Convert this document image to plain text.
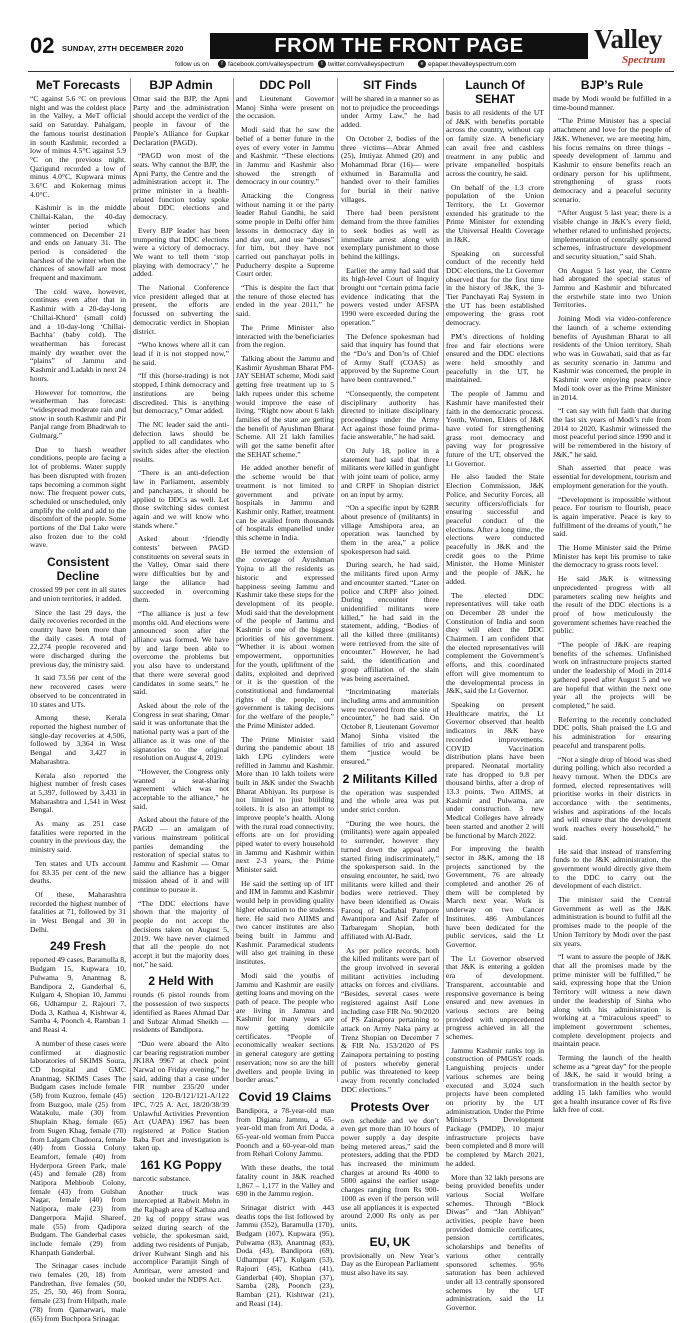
02 SUNDAY, 27TH DECEMBER 2020	FROM THE FRONT PAGE
follow us on	f facebook.com/valleyspectrum	t twitter.com/valleyspectrum	e epaper.thevalleyspectrum.com
Valley
Spectrum
MeT Forecasts

“C against 5.6 °C on previous night and was the coldest place in the Valley, a MeT official said on Saturday. Pahalgam, the famous tourist destination in south Kashmir, recorded a low of minus 4.5°C against 5.9 °C on the previous night. Qazigund recorded a low of minus 4.0°C, Kupwara minus 3.6°C and Kokernag minus 4.0°C.

Kashmir is in the middle Chillai-Kalan, the 40-day winter period which commenced on December 21 and ends on January 31. The period is considered the harshest of the winter when the chances of snowfall are most frequent and maximum.

The cold wave, however, continues even after that in Kashmir with a 20-day-long ‘Chillai-Khurd’ (small cold) and a 10-day-long ‘Chillai-Bachha’ (baby cold). The weatherman has forecast mainly dry weather over the “plains” of Jammu and Kashmir and Ladakh in next 24 hours.

However for tomorrow, the weatherman has forecast: “widespread moderate rain and snow in south Kashmir and Pir Panjal range from Bhadrwah to Gulmarg.”

Due to harsh weather conditions, people are facing a lot of problems. Water supply has been disrupted with frozen taps becoming a common sight now. The frequent power cuts, scheduled or unscheduled, only amplify the cold and add to the discomfort of the people. Some portions of the Dal Lake were also frozen due to the cold wave.

Consistent Decline

crossed 99 per cent in all states and union territories, it added.

Since the last 29 days, the daily recoveries recorded in the country have been more than the daily cases. A total of 22,274 people recovered and were discharged during the previous day, the ministry said.

It said 73.56 per cent of the new recovered cases were observed to be concentrated in 10 states and UTs.

Among these, Kerala reported the highest number of single-day recoveries at 4,506, followed by 3,364 in West Bengal and 3,427 in Maharashtra.

Kerala also reported the highest number of fresh cases at 5,397, followed by 3,431 in Maharashtra and 1,541 in West Bengal.

As many as 251 case fatalities were reported in the country in the previous day, the ministry said.

Ten states and UTs account for 83.35 per cent of the new deaths.

Of these, Maharashtra recorded the highest number of fatalities at 71, followed by 31 in West Bengal and 30 in Delhi.

249 Fresh

reported 49 cases, Baramulla 8, Budgam 15, Kupwara 10, Pulwama 9, Anantnag 8, Bandipora 2, Ganderbal 6, Kulgam 4, Shopian 10, Jammu 66, Udhampur 2, Rajouri 7, Doda 3, Kathua 4, Kishtwar 4, Samba 4, Poonch 4, Ramban 1 and Reasi 4.

A number of these cases were confirmed at diagnostic laboratories of SKIMS Soura, CD hospital and GMC Anantnag. SKIMS Cases The Budgam cases include female (58) from Kuzroo, female (45) from Buzgoo, male (25) from Watakulu, male (30) from Shuplain Khag, female (65) from Sugen Khag, female (70) from Lalgam Chadoora, female (40) from Gossia Colony Eeamfort, female (40) from Hyderpora Green Park, male (45) and female (28) from Natipora Mehboob Colony, female (43) from Gulshan Nagar, female (40) from Natipora, male (23) from Dangerpora Majid Shareef, male (55) from Qadipora Budgam. The Ganderbal cases include female (29) from Khanpath Ganderbal.

The Srinagar cases include two females (20, 18) from Pandrethan, five females (50, 25, 25, 50, 46) from Soura, female (23) from Hilpath, male (78) from Qamarwari, male (65) from Buchpora Srinagar.

BJP Admin

Omar said the BJP, the Apni Party and the administration should accept the verdict of the people in favour of the People’s Alliance for Gupkar Declaration (PAGD).

“PAGD won most of the seats. Why cannot the BJP, the Apni Party, the Centre and the administration accept it. The prime minister in a health-related function today spoke about DDC elections and democracy.

Every BJP leader has been trumpeting that DDC elections were a victory of democracy. We want to tell them ‘stop playing with democracy’,” he added.

The National Conference vice president alleged that at present, the efforts are focussed on subverting the democratic verdict in Shopian district.

“Who knows where all it can lead if it is not stopped now,” he said.

“If this (horse-trading) is not stopped, I think democracy and institutions are being discredited. This is anything but democracy,” Omar added.

The NC leader said the anti-defection laws should be applied to all candidates who switch sides after the election results.

“There is an anti-defection law in Parliament, assembly and panchayats, it should be applied to DDCs as well. Let those switching sides contest again and we will know who stands where.”

Asked about ‘friendly contests’ between PAGD constituents on several seats in the Valley, Omar said there were difficulties but by and large the alliance had succeeded in overcoming them.

“The alliance is just a few months old. And elections were announced soon after the alliance was formed. We have by and large been able to overcome the problems but you also have to understand that there were several good candidates in some seats,” he said.

Asked about the role of the Congress in seat sharing, Omar said it was unfortunate that the national party was a part of the alliance as it was one of the signatories to the original resolution on August 4, 2019.

“However, the Congress only wanted a seat-sharing agreement which was not acceptable to the alliance,” he said.

Asked about the future of the PAGD — an amalgam of various mainstream political parties demanding the restoration of special status to Jammu and Kashmir — Omar said the alliance has a bigger mission ahead of it and will continue to pursue it.

“The DDC elections have shown that the majority of people do not accept the decisions taken on August 5, 2019. We have never claimed that all the people do not accept it but the majority does not,” he said.

2 Held With

rounds (6 pistol rounds from the possession of two suspects identified as Raees Ahmad Dar and Subzar Ahmad Sheikh — residents of Bandipora.

“Duo were aboard the Alto car bearing registration number JK18A 9967 at check point Narwal on Friday evening,” he said, adding that a case under FIR number 235/20 under section 120-B/121/121-A/122 IPC, 7/25 A. Act, 18/20/38/39 Unlawful Activities Prevention Act (UAPA) 1967 has been registered at Police Station Baba Fort and investigation is taken up.

161 KG Poppy

narcotic substance.

Another truck was intercepted at Rabwit Mehn in the Rajbagh area of Kathua and 20 kg of poppy straw was seized during search of the vehicle, the spokesman said, adding two residents of Punjab, driver Kulwant Singh and his accomplice Paramjit Singh of Amritsar, were arrested and booked under the NDPS Act.

DDC Poll

and Lieutenant Governor Manoj Sinha were present on the occasion.

Modi said that he saw the belief of a better future in the eyes of every voter in Jammu and Kashmir. “These elections in Jammu and Kashmir also showed the strength of democracy in our country.”

Attacking the Congress without naming it or the party leader Rahul Gandhi, he said some people in Delhi offer him lessons in democracy day in and day out, and use “abuses” for him, but they have not carried out panchayat polls in Puducherry despite a Supreme Court order.

“This is despite the fact that the tenure of those elected has ended in the year 2011,” he said.

The Prime Minister also interacted with the beneficiaries from the region.

Talking about the Jammu and Kashmir Ayushman Bharat PM-JAY SEHAT scheme, Modi said getting free treatment up to 5 lakh rupees under this scheme would improve the ease of living. “Right now about 6 lakh families of the state are getting the benefit of Ayushman Bharat Scheme. All 21 lakh families will get the same benefit after the SEHAT scheme.”

He added another benefit of the scheme would be that treatment is not limited to government and private hospitals in Jammu and Kashmir only. Rather, treatment can be availed from thousands of hospitals empanelled under this scheme in India.

He termed the extension of the coverage of Ayushman Yojna to all the residents as historic and expressed happiness seeing Jammu and Kashmir take these steps for the development of its people. Modi said that the development of the people of Jammu and Kashmir is one of the biggest priorities of his government. “Whether it is about women empowerment, opportunities for the youth, upliftment of the dalits, exploited and deprived or it is the question of the constitutional and fundamental rights of the people, our government is taking decisions for the welfare of the people,” the Prime Minister added.

The Prime Minister said during the pandemic about 18 lakh LPG cylinders were refilled in Jammu and Kashmir. More than 10 lakh toilets were built in J&K under the Swachh Bharat Abhiyan. Its purpose is not limited to just building toilets. It is also an attempt to improve people’s health. Along with the rural road connectivity, efforts are on for providing piped water to every household in Jammu and Kashmir within next 2-3 years, the Prime Minister said.

He said the setting up of IIT and IIM in Jammu and Kashmir would help in providing quality higher education to the students here. He said two AIIMS and two cancer institutes are also being built in Jammu and Kashmir. Paramedical students will also get training in these institutes.

Modi said the youths of Jammu and Kashmir are easily getting loans and moving on the path of peace. The people who are living in Jammu and Kashmir for many years are now getting domicile certificates. “People of economically weaker sections in general category are getting reservation; now so are the hill dwellers and people living in border areas.”

Covid 19 Claims

Bandipora, a 78-year-old man from Digiana Jammu, a 65-year-old man from Ari Doda, a 65-year-old woman from Pucca Poonch and a 60-year-old man from Rehari Colony Jammu.

With these deaths, the total fatality count in J&K reached 1,867 – 1,177 in the Valley and 690 in the Jammu region.

Srinagar district with 443 deaths tops the list followed by Jammu (352), Baramulla (170), Budgam (107), Kupwara (95), Pulwama (83), Anantnag (83), Doda (43), Bandipora (69), Udhampur (47), Kulgam (53), Rajouri (45), Kathua (41), Ganderbal (40), Shopian (37), Samba (28), Poonch (23), Ramban (21), Kishtwar (21), and Reasi (14).

SIT Finds

will be shared in a manner so as not to prejudice the proceedings under Army Law,” he had added.

On October 2, bodies of the three victims—Abrar Ahmed (25), Imtiyaz Ahmed (20) and Mohammad Ibrar (16)— were exhumed in Baramulla and handed over to their families for burial in their native villages.

There had been persistent demand from the three families to seek bodies as well as immediate arrest along with exemplary punishment to those behind the killings.

Earlier the army had said that its high-level Court of Inquiry brought out “certain prima facie evidence indicating that the powers vested under AFSPA 1990 were exceeded during the operation.”

The Defence spokesman had said that inquiry has found that the “Do’s and Don’ts of Chief of Army Staff (COAS) as approved by the Supreme Court have been contravened.”

“Consequently, the competent disciplinary authority has directed to initiate disciplinary proceedings under the Army Act against those found prima-facie answerable,” he had said.

On July 18, police in a statement had said that three militants were killed in gunfight with joint team of police, army and CRPF in Shopian district on an input by army.

“On a specific input by 62RR about presence of (militants) in village Amshipora area, an operation was launched by them in the area,” a police spokesperson had said.

During search, he had said, the militants fired upon Army and encounter started. “Later on police and CRPF also joined. During encounter three unidentified militants were killed,” he had said in the statement, adding, “Bodies of all the killed three (militants) were retrieved from the site of encounter.” However, he had said, the identification and group affiliation of the slain was being ascertained.

“Incriminating materials including arms and ammunition were recovered from the site of encounter,” he had said. On October 8, Lieutenant Governor Manoj Sinha visited the families of trio and assured them “justice would be ensured.”

2 Militants Killed

the operation was suspended and the whole area was put under strict cordon.

“During the wee hours, the (militants) were again appealed to surrender, however they turned down the appeal and started firing indiscriminately,” the spokesperson said. In the ensuing encounter, he said, two militants were killed and their bodies were retrieved. They have been identified as Owais Farooq of Kadlabal Pampore Awantipora and Asif Zafer of Tarbaregam Shopian, both affiliated with Al-Badr.

As per police records, both the killed militants were part of the group involved in several militant activities including attacks on forces and civilians. “Besides, several cases were registered against Asif Lone including case FIR No. 90/2020 of PS Zainapora pertaining to attack on Army Naka party at Trenz Shopian on December 7 & FIR No. 153/2020 of PS Zainapora pertaining to posting of posters whereby general public was threatened to keep away from recently concluded DDC elections.”

Protests Over

own schedule and we don’t even get more than 10 hours of power supply a day despite being metered areas,” said the protesters, adding that the PDD has increased the minimum charges at around Rs 4000 to 5000 against the earlier usage charges ranging from Rs 900-1000 as even if the person will use all appliances it is expected around 2,000 Rs only as per units.

EU, UK

provisionally on New Year’s Day as the European Parliament must also have its say.

Launch Of SEHAT

basis to all residents of the UT of J&K with benefits portable across the country, without cap on family size. A beneficiary can avail free and cashless treatment in any public and private empanelled hospitals across the country, he said.

On behalf of the 1.3 crore population of the Union Territory, the Lt Governor extended his gratitude to the Prime Minister for extending the Universal Health Coverage in J&K.

Speaking on successful conduct of the recently held DDC elections, the Lt Governor observed that for the first time in the history of J&K, the 3-Tier Panchayati Raj System in the UT has been established empowering the grass root democracy.

PM’s directions of holding free and fair elections were ensured and the DDC elections were held smoothly and peacefully in the UT, he maintained.

The people of Jammu and Kashmir have manifested their faith in the democratic process. Youth, Women, Elders of J&K have voted for strengthening grass root democracy and paving way for progressive future of the UT, observed the Lt Governor.

He also lauded the State Election Commission, J&K Police, and Security Forces, all security officers/officials for ensuring successful and peaceful conduct of the elections. After a long time, the elections were conducted peacefully in J&K and the credit goes to the Prime Minister, the Home Minister and the people of J&K, he added.

The elected DDC representatives will take oath on December 28 under the Constitution of India and soon they will elect the DDC Chairmen. I am confident that the elected representatives will complement the Government’s efforts, and this coordinated effort will give momentum to the developmental process in J&K, said the Lt Governor.

Speaking on present Healthcare matrix, the Lt Governor observed that health indicators in J&K have recorded improvements. COVID Vaccination distribution plans have been prepared. Neonatal mortality rate has dropped to 9.8 per thousand births, after a drop of 13.3 points. Two AIIMS, at Kashmir and Pulwama, are under construction. 3 new Medical Colleges have already been started and another 2 will be functional by March 2022.

For improving the health sector in J&K, among the 18 projects sanctioned by the Government, 76 are already completed and another 26 of them will be completed by March next year. Work is underway on two Cancer Institutes. 486 Ambulances have been dedicated for the public services, said the Lt Governor.

The Lt Governor observed that J&K is entering a golden era of development. Transparent, accountable and responsive governance is being ensured and new avenues in various sectors are being provided with unprecedented progress achieved in all the schemes.

Jammu Kashmir ranks top in construction of PMGSY roads. Languishing projects under various schemes are being executed and 3,024 such projects have been completed on priority by the UT administration. Under the Prime Minister’s Development Package (PMDP), 10 major infrastructure projects have been completed and 8 more will be completed by March 2021, he added.

More than 32 lakh persons are being provided benefits under various Social Welfare schemes. Through “Block Diwas” and “Jan Abhiyan” activities, people have been provided domicile certificates, pension certificates, scholarships and benefits of various other centrally sponsored schemes. 95% saturation has been achieved under all 13 centrally sponsored schemes by the UT administration, said the Lt Governor.

BJP’s Rule

made by Modi would be fulfilled in a time-bound manner.

“The Prime Minister has a special attachment and love for the people of J&K. Whenever, we are meeting him, his focus remains on three things – speedy development of Jammu and Kashmir to ensure benefits reach an ordinary person for his upliftment, strengthening of grass roots democracy and a peaceful security scenario.

“After August 5 last year, there is a visible change in J&K’s every field, whether related to unfinished projects, implementation of centrally sponsored schemes, infrastructure development and security situation,” said Shah.

On August 5 last year, the Centre had abrogated the special status of Jammu and Kashmir and bifurcated the erstwhile state into two Union Territories.

Joining Modi via video-conference the launch of a scheme extending benefits of Ayushman Bharat to all residents of the Union territory, Shah who was in Guwahati, said that as far as security scenario in Jammu and Kashmir was concerned, the people in Kashmir were enjoying peace since Modi took over as the Prime Minister in 2014.

“I can say with full faith that during the last six years of Modi’s rule from 2014 to 2020, Kashmir witnessed the most peaceful period since 1990 and it will be remembered in the history of J&K,” he said.

Shah asserted that peace was essential for development, tourism and employment generation for the youth.

“Development is impossible without peace. For tourism to flourish, peace is again imperative. Peace is key to fulfillment of the dreams of youth,” he said.

The Home Minister said the Prime Minister has kept his promise to take the democracy to grass roots level.

He said J&K is witnessing unprecedented progress with all parameters scaling new heights and the result of the DDC elections is a proof of how meticulously the government schemes have reached the public.

“The people of J&K are reaping benefits of the schemes. Unfinished work on infrastructure projects started under the leadership of Modi in 2014 gathered speed after August 5 and we are hopeful that within the next one year all the projects will be completed,” he said.

Referring to the recently concluded DDC polls, Shah praised the LG and his administration for ensuring peaceful and transparent polls.

“Not a single drop of blood was shed during polling, which also recorded a heavy turnout. When the DDCs are formed, elected representatives will prioritise works in their districts in accordance with the sentiments, wishes and aspirations of the locals and will ensure that the development work reaches every household,” he said.

He said that instead of transferring funds to the J&K administration, the government would directly give them to the DDC to carry out the development of each district.

The minister said the Central Government as well as the J&K administration is bound to fulfil all the promises made to the people of the Union Territory by Modi over the past six years.

“I want to assure the people of J&K that all the promises made by the prime minister will be fulfilled,” he said, expressing hope that the Union Territory will witness a new dawn under the leadership of Sinha who along with his administration is working at a “miraculous speed” to implement government schemes, complete development projects and maintain peace.

Terming the launch of the health scheme as a “great day” for the people of J&K, he said it would bring a transformation in the health sector by adding 15 lakh families who would get a health insurance cover of Rs five lakh free of cost.
